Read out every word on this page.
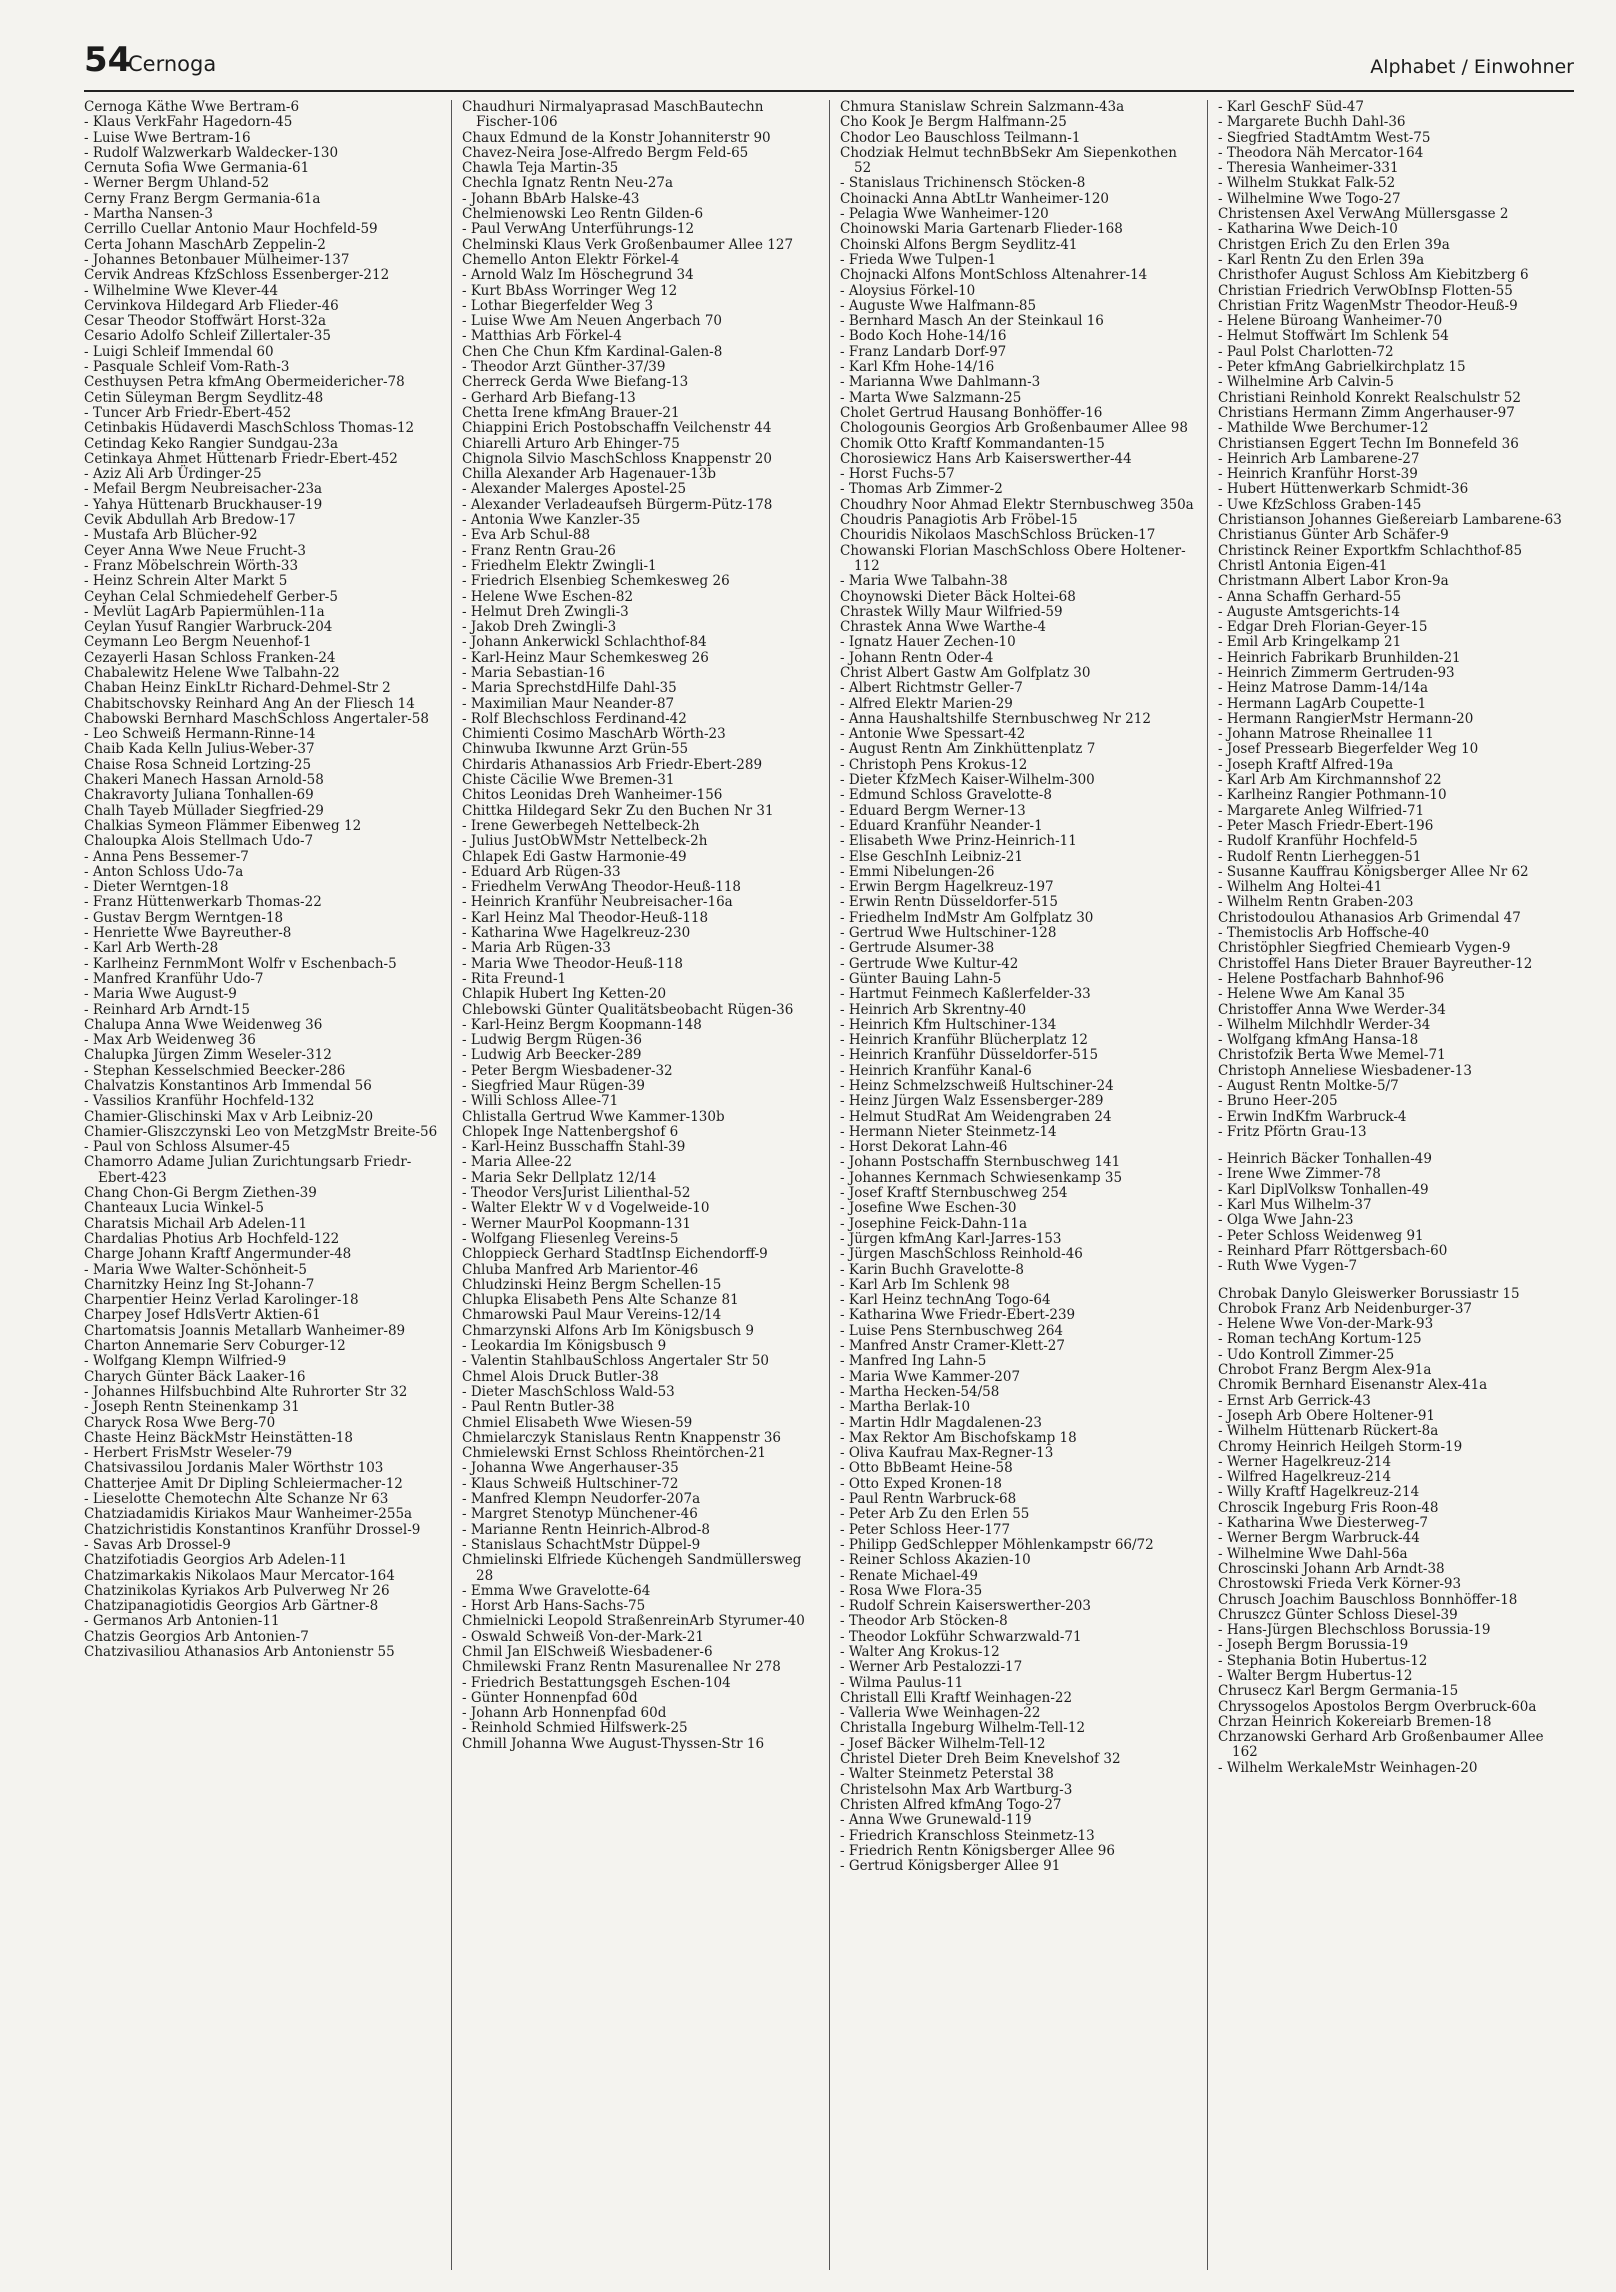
54
Cernoga	Alphabet / Einwohner
Cernoga Käthe Wwe Bertram-6
- Klaus VerkFahr Hagedorn-45
- Luise Wwe Bertram-16
- Rudolf Walzwerkarb Waldecker-130
Cernuta Sofia Wwe Germania-61
- Werner Bergm Uhland-52
Cerny Franz Bergm Germania-61a
- Martha Nansen-3
Cerrillo Cuellar Antonio Maur Hochfeld-59
Certa Johann MaschArb Zeppelin-2
- Johannes Betonbauer Mülheimer-137
Cervik Andreas KfzSchloss Essenberger-212
- Wilhelmine Wwe Klever-44
Cervinkova Hildegard Arb Flieder-46
Cesar Theodor Stoffwärt Horst-32a
Cesario Adolfo Schleif Zillertaler-35
- Luigi Schleif Immendal 60
- Pasquale Schleif Vom-Rath-3
Cesthuysen Petra kfmAng Obermeidericher-78
Cetin Süleyman Bergm Seydlitz-48
- Tuncer Arb Friedr-Ebert-452
Cetinbakis Hüdaverdi MaschSchloss Thomas-12
Cetindag Keko Rangier Sundgau-23a
Cetinkaya Ahmet Hüttenarb Friedr-Ebert-452
- Aziz Ali Arb Ürdinger-25
- Mefail Bergm Neubreisacher-23a
- Yahya Hüttenarb Bruckhauser-19
Cevik Abdullah Arb Bredow-17
- Mustafa Arb Blücher-92
Ceyer Anna Wwe Neue Frucht-3
- Franz Möbelschrein Wörth-33
- Heinz Schrein Alter Markt 5
Ceyhan Celal Schmiedehelf Gerber-5
- Mevlüt LagArb Papiermühlen-11a
Ceylan Yusuf Rangier Warbruck-204
Ceymann Leo Bergm Neuenhof-1
Cezayerli Hasan Schloss Franken-24
Chabalewitz Helene Wwe Talbahn-22
Chaban Heinz EinkLtr Richard-Dehmel-Str 2
Chabitschovsky Reinhard Ang An der Fliesch 14
Chabowski Bernhard MaschSchloss Angertaler-58
- Leo Schweiß Hermann-Rinne-14
Chaib Kada Kelln Julius-Weber-37
Chaise Rosa Schneid Lortzing-25
Chakeri Manech Hassan Arnold-58
Chakravorty Juliana Tonhallen-69
Chalh Tayeb Müllader Siegfried-29
Chalkias Symeon Flämmer Eibenweg 12
Chaloupka Alois Stellmach Udo-7
- Anna Pens Bessemer-7
- Anton Schloss Udo-7a
- Dieter Werntgen-18
- Franz Hüttenwerkarb Thomas-22
- Gustav Bergm Werntgen-18
- Henriette Wwe Bayreuther-8
- Karl Arb Werth-28
- Karlheinz FernmMont Wolfr v Eschenbach-5
- Manfred Kranführ Udo-7
- Maria Wwe August-9
- Reinhard Arb Arndt-15
Chalupa Anna Wwe Weidenweg 36
- Max Arb Weidenweg 36
Chalupka Jürgen Zimm Weseler-312
- Stephan Kesselschmied Beecker-286
Chalvatzis Konstantinos Arb Immendal 56
- Vassilios Kranführ Hochfeld-132
Chamier-Glischinski Max v Arb Leibniz-20
Chamier-Gliszczynski Leo von MetzgMstr Breite-56
- Paul von Schloss Alsumer-45
Chamorro Adame Julian Zurichtungsarb Friedr-Ebert-423
Chang Chon-Gi Bergm Ziethen-39
Chanteaux Lucia Winkel-5
Charatsis Michail Arb Adelen-11
Chardalias Photius Arb Hochfeld-122
Charge Johann Kraftf Angermunder-48
- Maria Wwe Walter-Schönheit-5
Charnitzky Heinz Ing St-Johann-7
Charpentier Heinz Verlad Karolinger-18
Charpey Josef HdlsVertr Aktien-61
Chartomatsis Joannis Metallarb Wanheimer-89
Charton Annemarie Serv Coburger-12
- Wolfgang Klempn Wilfried-9
Charych Günter Bäck Laaker-16
- Johannes Hilfsbuchbind Alte Ruhrorter Str 32
- Joseph Rentn Steinenkamp 31
Charyck Rosa Wwe Berg-70
Chaste Heinz BäckMstr Heinstätten-18
- Herbert FrisMstr Weseler-79
Chatsivassilou Jordanis Maler Wörthstr 103
Chatterjee Amit Dr Dipling Schleiermacher-12
- Lieselotte Chemotechn Alte Schanze Nr 63
Chatziadamidis Kiriakos Maur Wanheimer-255a
Chatzichristidis Konstantinos Kranführ Drossel-9
- Savas Arb Drossel-9
Chatzifotiadis Georgios Arb Adelen-11
Chatzimarkakis Nikolaos Maur Mercator-164
Chatzinikolas Kyriakos Arb Pulverweg Nr 26
Chatzipanagiotidis Georgios Arb Gärtner-8
- Germanos Arb Antonien-11
Chatzis Georgios Arb Antonien-7
Chatzivasiliou Athanasios Arb Antonienstr 55
Chaudhuri Nirmalyaprasad MaschBautechn Fischer-106
Chaux Edmund de la Konstr Johanniterstr 90
Chavez-Neira Jose-Alfredo Bergm Feld-65
Chawla Teja Martin-35
Chechla Ignatz Rentn Neu-27a
- Johann BbArb Halske-43
Chelmienowski Leo Rentn Gilden-6
- Paul VerwAng Unterführungs-12
Chelminski Klaus Verk Großenbaumer Allee 127
Chemello Anton Elektr Förkel-4
- Arnold Walz Im Höschegrund 34
- Kurt BbAss Worringer Weg 12
- Lothar Biegerfelder Weg 3
- Luise Wwe Am Neuen Angerbach 70
- Matthias Arb Förkel-4
Chen Che Chun Kfm Kardinal-Galen-8
- Theodor Arzt Günther-37/39
Cherreck Gerda Wwe Biefang-13
- Gerhard Arb Biefang-13
Chetta Irene kfmAng Brauer-21
Chiappini Erich Postobschaffn Veilchenstr 44
Chiarelli Arturo Arb Ehinger-75
Chignola Silvio MaschSchloss Knappenstr 20
Chilla Alexander Arb Hagenauer-13b
- Alexander Malerges Apostel-25
- Alexander Verladeaufseh Bürgerm-Pütz-178
- Antonia Wwe Kanzler-35
- Eva Arb Schul-88
- Franz Rentn Grau-26
- Friedhelm Elektr Zwingli-1
- Friedrich Elsenbieg Schemkesweg 26
- Helene Wwe Eschen-82
- Helmut Dreh Zwingli-3
- Jakob Dreh Zwingli-3
- Johann Ankerwickl Schlachthof-84
- Karl-Heinz Maur Schemkesweg 26
- Maria Sebastian-16
- Maria SprechstdHilfe Dahl-35
- Maximilian Maur Neander-87
- Rolf Blechschloss Ferdinand-42
Chimienti Cosimo MaschArb Wörth-23
Chinwuba Ikwunne Arzt Grün-55
Chirdaris Athanassios Arb Friedr-Ebert-289
Chiste Cäcilie Wwe Bremen-31
Chitos Leonidas Dreh Wanheimer-156
Chittka Hildegard Sekr Zu den Buchen Nr 31
- Irene Gewerbegeh Nettelbeck-2h
- Julius JustObWMstr Nettelbeck-2h
Chlapek Edi Gastw Harmonie-49
- Eduard Arb Rügen-33
- Friedhelm VerwAng Theodor-Heuß-118
- Heinrich Kranführ Neubreisacher-16a
- Karl Heinz Mal Theodor-Heuß-118
- Katharina Wwe Hagelkreuz-230
- Maria Arb Rügen-33
- Maria Wwe Theodor-Heuß-118
- Rita Freund-1
Chlapik Hubert Ing Ketten-20
Chlebowski Günter Qualitätsbeobacht Rügen-36
- Karl-Heinz Bergm Koopmann-148
- Ludwig Bergm Rügen-36
- Ludwig Arb Beecker-289
- Peter Bergm Wiesbadener-32
- Siegfried Maur Rügen-39
- Willi Schloss Allee-71
Chlistalla Gertrud Wwe Kammer-130b
Chlopek Inge Nattenbergshof 6
- Karl-Heinz Busschaffn Stahl-39
- Maria Allee-22
- Maria Sekr Dellplatz 12/14
- Theodor VersJurist Lilienthal-52
- Walter Elektr W v d Vogelweide-10
- Werner MaurPol Koopmann-131
- Wolfgang Fliesenleg Vereins-5
Chloppieck Gerhard StadtInsp Eichendorff-9
Chluba Manfred Arb Marientor-46
Chludzinski Heinz Bergm Schellen-15
Chlupka Elisabeth Pens Alte Schanze 81
Chmarowski Paul Maur Vereins-12/14
Chmarzynski Alfons Arb Im Königsbusch 9
- Leokardia Im Königsbusch 9
- Valentin StahlbauSchloss Angertaler Str 50
Chmel Alois Druck Butler-38
- Dieter MaschSchloss Wald-53
- Paul Rentn Butler-38
Chmiel Elisabeth Wwe Wiesen-59
Chmielarczyk Stanislaus Rentn Knappenstr 36
Chmielewski Ernst Schloss Rheintörchen-21
- Johanna Wwe Angerhauser-35
- Klaus Schweiß Hultschiner-72
- Manfred Klempn Neudorfer-207a
- Margret Stenotyp Münchener-46
- Marianne Rentn Heinrich-Albrod-8
- Stanislaus SchachtMstr Düppel-9
Chmielinski Elfriede Küchengeh Sandmüllersweg 28
- Emma Wwe Gravelotte-64
- Horst Arb Hans-Sachs-75
Chmielnicki Leopold StraßenreinArb Styrumer-40
- Oswald Schweiß Von-der-Mark-21
Chmil Jan ElSchweiß Wiesbadener-6
Chmilewski Franz Rentn Masurenallee Nr 278
- Friedrich Bestattungsgeh Eschen-104
- Günter Honnenpfad 60d
- Johann Arb Honnenpfad 60d
- Reinhold Schmied Hilfswerk-25
Chmill Johanna Wwe August-Thyssen-Str 16
Chmura Stanislaw Schrein Salzmann-43a
Cho Kook Je Bergm Halfmann-25
Chodor Leo Bauschloss Teilmann-1
Chodziak Helmut technBbSekr Am Siepenkothen 52
- Stanislaus Trichinensch Stöcken-8
Choinacki Anna AbtLtr Wanheimer-120
- Pelagia Wwe Wanheimer-120
Choinowski Maria Gartenarb Flieder-168
Choinski Alfons Bergm Seydlitz-41
- Frieda Wwe Tulpen-1
Chojnacki Alfons MontSchloss Altenahrer-14
- Aloysius Förkel-10
- Auguste Wwe Halfmann-85
- Bernhard Masch An der Steinkaul 16
- Bodo Koch Hohe-14/16
- Franz Landarb Dorf-97
- Karl Kfm Hohe-14/16
- Marianna Wwe Dahlmann-3
- Marta Wwe Salzmann-25
Cholet Gertrud Hausang Bonhöffer-16
Chologounis Georgios Arb Großenbaumer Allee 98
Chomik Otto Kraftf Kommandanten-15
Chorosiewicz Hans Arb Kaiserswerther-44
- Horst Fuchs-57
- Thomas Arb Zimmer-2
Choudhry Noor Ahmad Elektr Sternbuschweg 350a
Choudris Panagiotis Arb Fröbel-15
Chouridis Nikolaos MaschSchloss Brücken-17
Chowanski Florian MaschSchloss Obere Holtener-112
- Maria Wwe Talbahn-38
Choynowski Dieter Bäck Holtei-68
Chrastek Willy Maur Wilfried-59
Chrastek Anna Wwe Warthe-4
- Ignatz Hauer Zechen-10
- Johann Rentn Oder-4
Christ Albert Gastw Am Golfplatz 30
- Albert Richtmstr Geller-7
- Alfred Elektr Marien-29
- Anna Haushaltshilfe Sternbuschweg Nr 212
- Antonie Wwe Spessart-42
- August Rentn Am Zinkhüttenplatz 7
- Christoph Pens Krokus-12
- Dieter KfzMech Kaiser-Wilhelm-300
- Edmund Schloss Gravelotte-8
- Eduard Bergm Werner-13
- Eduard Kranführ Neander-1
- Elisabeth Wwe Prinz-Heinrich-11
- Else GeschInh Leibniz-21
- Emmi Nibelungen-26
- Erwin Bergm Hagelkreuz-197
- Erwin Rentn Düsseldorfer-515
- Friedhelm IndMstr Am Golfplatz 30
- Gertrud Wwe Hultschiner-128
- Gertrude Alsumer-38
- Gertrude Wwe Kultur-42
- Günter Bauing Lahn-5
- Hartmut Feinmech Kaßlerfelder-33
- Heinrich Arb Skrentny-40
- Heinrich Kfm Hultschiner-134
- Heinrich Kranführ Blücherplatz 12
- Heinrich Kranführ Düsseldorfer-515
- Heinrich Kranführ Kanal-6
- Heinz Schmelzschweiß Hultschiner-24
- Heinz Jürgen Walz Essensberger-289
- Helmut StudRat Am Weidengraben 24
- Hermann Nieter Steinmetz-14
- Horst Dekorat Lahn-46
- Johann Postschaffn Sternbuschweg 141
- Johannes Kernmach Schwiesenkamp 35
- Josef Kraftf Sternbuschweg 254
- Josefine Wwe Eschen-30
- Josephine Feick-Dahn-11a
- Jürgen kfmAng Karl-Jarres-153
- Jürgen MaschSchloss Reinhold-46
- Karin Buchh Gravelotte-8
- Karl Arb Im Schlenk 98
- Karl Heinz technAng Togo-64
- Katharina Wwe Friedr-Ebert-239
- Luise Pens Sternbuschweg 264
- Manfred Anstr Cramer-Klett-27
- Manfred Ing Lahn-5
- Maria Wwe Kammer-207
- Martha Hecken-54/58
- Martha Berlak-10
- Martin Hdlr Magdalenen-23
- Max Rektor Am Bischofskamp 18
- Oliva Kaufrau Max-Regner-13
- Otto BbBeamt Heine-58
- Otto Exped Kronen-18
- Paul Rentn Warbruck-68
- Peter Arb Zu den Erlen 55
- Peter Schloss Heer-177
- Philipp GedSchlepper Möhlenkampstr 66/72
- Reiner Schloss Akazien-10
- Renate Michael-49
- Rosa Wwe Flora-35
- Rudolf Schrein Kaiserswerther-203
- Theodor Arb Stöcken-8
- Theodor Lokführ Schwarzwald-71
- Walter Ang Krokus-12
- Werner Arb Pestalozzi-17
- Wilma Paulus-11
Christall Elli Kraftf Weinhagen-22
- Valleria Wwe Weinhagen-22
Christalla Ingeburg Wilhelm-Tell-12
- Josef Bäcker Wilhelm-Tell-12
Christel Dieter Dreh Beim Knevelshof 32
- Walter Steinmetz Peterstal 38
Christelsohn Max Arb Wartburg-3
Christen Alfred kfmAng Togo-27
- Anna Wwe Grunewald-119
- Friedrich Kranschloss Steinmetz-13
- Friedrich Rentn Königsberger Allee 96
- Gertrud Königsberger Allee 91
- Karl GeschF Süd-47
- Margarete Buchh Dahl-36
- Siegfried StadtAmtm West-75
- Theodora Näh Mercator-164
- Theresia Wanheimer-331
- Wilhelm Stukkat Falk-52
- Wilhelmine Wwe Togo-27
Christensen Axel VerwAng Müllersgasse 2
- Katharina Wwe Deich-10
Christgen Erich Zu den Erlen 39a
- Karl Rentn Zu den Erlen 39a
Christhofer August Schloss Am Kiebitzberg 6
Christian Friedrich VerwObInsp Flotten-55
Christian Fritz WagenMstr Theodor-Heuß-9
- Helene Büroang Wanheimer-70
- Helmut Stoffwärt Im Schlenk 54
- Paul Polst Charlotten-72
- Peter kfmAng Gabrielkirchplatz 15
- Wilhelmine Arb Calvin-5
Christiani Reinhold Konrekt Realschulstr 52
Christians Hermann Zimm Angerhauser-97
- Mathilde Wwe Berchumer-12
Christiansen Eggert Techn Im Bonnefeld 36
- Heinrich Arb Lambarene-27
- Heinrich Kranführ Horst-39
- Hubert Hüttenwerkarb Schmidt-36
- Uwe KfzSchloss Graben-145
Christianson Johannes Gießereiarb Lambarene-63
Christianus Günter Arb Schäfer-9
Christinck Reiner Exportkfm Schlachthof-85
Christl Antonia Eigen-41
Christmann Albert Labor Kron-9a
- Anna Schaffn Gerhard-55
- Auguste Amtsgerichts-14
- Edgar Dreh Florian-Geyer-15
- Emil Arb Kringelkamp 21
- Heinrich Fabrikarb Brunhilden-21
- Heinrich Zimmerm Gertruden-93
- Heinz Matrose Damm-14/14a
- Hermann LagArb Coupette-1
- Hermann RangierMstr Hermann-20
- Johann Matrose Rheinallee 11
- Josef Pressearb Biegerfelder Weg 10
- Joseph Kraftf Alfred-19a
- Karl Arb Am Kirchmannshof 22
- Karlheinz Rangier Pothmann-10
- Margarete Anleg Wilfried-71
- Peter Masch Friedr-Ebert-196
- Rudolf Kranführ Hochfeld-5
- Rudolf Rentn Lierheggen-51
- Susanne Kauffrau Königsberger Allee Nr 62
- Wilhelm Ang Holtei-41
- Wilhelm Rentn Graben-203
Christodoulou Athanasios Arb Grimendal 47
- Themistoclis Arb Hoffsche-40
Christöphler Siegfried Chemiearb Vygen-9
Christoffel Hans Dieter Brauer Bayreuther-12
- Helene Postfacharb Bahnhof-96
- Helene Wwe Am Kanal 35
Christoffer Anna Wwe Werder-34
- Wilhelm Milchhdlr Werder-34
- Wolfgang kfmAng Hansa-18
Christofzik Berta Wwe Memel-71
Christoph Anneliese Wiesbadener-13
- August Rentn Moltke-5/7
- Bruno Heer-205
- Erwin IndKfm Warbruck-4
- Fritz Pförtn Grau-13
- Heinrich Bäcker Tonhallen-49
- Irene Wwe Zimmer-78
- Karl DiplVolksw Tonhallen-49
- Karl Mus Wilhelm-37
- Olga Wwe Jahn-23
- Peter Schloss Weidenweg 91
- Reinhard Pfarr Röttgersbach-60
- Ruth Wwe Vygen-7
Chrobak Danylo Gleiswerker Borussiastr 15
Chrobok Franz Arb Neidenburger-37
- Helene Wwe Von-der-Mark-93
- Roman techAng Kortum-125
- Udo Kontroll Zimmer-25
Chrobot Franz Bergm Alex-91a
Chromik Bernhard Eisenanstr Alex-41a
- Ernst Arb Gerrick-43
- Joseph Arb Obere Holtener-91
- Wilhelm Hüttenarb Rückert-8a
Chromy Heinrich Heilgeh Storm-19
- Werner Hagelkreuz-214
- Wilfred Hagelkreuz-214
- Willy Kraftf Hagelkreuz-214
Chroscik Ingeburg Fris Roon-48
- Katharina Wwe Diesterweg-7
- Werner Bergm Warbruck-44
- Wilhelmine Wwe Dahl-56a
Chroscinski Johann Arb Arndt-38
Chrostowski Frieda Verk Körner-93
Chrusch Joachim Bauschloss Bonnhöffer-18
Chruszcz Günter Schloss Diesel-39
- Hans-Jürgen Blechschloss Borussia-19
- Joseph Bergm Borussia-19
- Stephania Botin Hubertus-12
- Walter Bergm Hubertus-12
Chrusecz Karl Bergm Germania-15
Chryssogelos Apostolos Bergm Overbruck-60a
Chrzan Heinrich Kokereiarb Bremen-18
Chrzanowski Gerhard Arb Großenbaumer Allee 162
- Wilhelm WerkaleMstr Weinhagen-20
